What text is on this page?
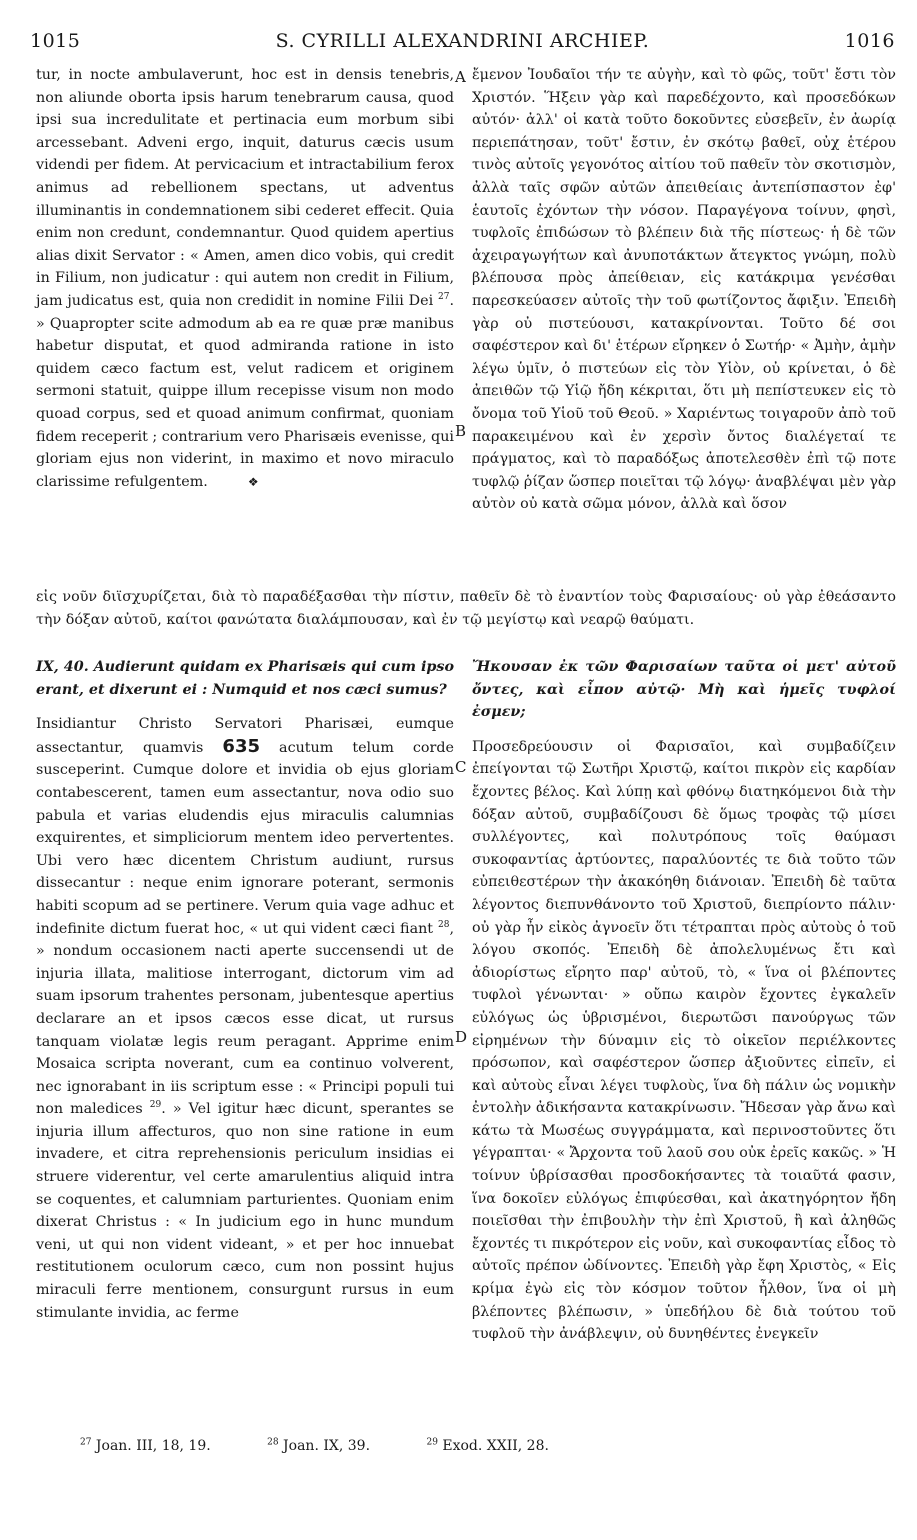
1015	S. CYRILLI ALEXANDRINI ARCHIEP.	1016
A
B
C
D

tur, in nocte ambulaverunt, hoc est in densis tenebris, non aliunde oborta ipsis harum tenebrarum causa, quod ipsi sua incredulitate et pertinacia eum morbum sibi arcessebant. Adveni ergo, inquit, daturus cæcis usum videndi per fidem. At pervicacium et intractabilium ferox animus ad rebellionem spectans, ut adventus illuminantis in condemnationem sibi cederet effecit. Quia enim non credunt, condemnantur. Quod quidem apertius alias dixit Servator : « Amen, amen dico vobis, qui credit in Filium, non judicatur : qui autem non credit in Filium, jam judicatus est, quia non credidit in nomine Filii Dei $^{27}$. » Quapropter scite admodum ab ea re quæ præ manibus habetur disputat, et quod admiranda ratione in isto quidem cæco factum est, velut radicem et originem sermoni statuit, quippe illum recepisse visum non modo quoad corpus, sed et quoad animum confirmat, quoniam fidem receperit ; contrarium vero Pharisæis evenisse, qui gloriam ejus non viderint, in maximo et novo miraculo clarissime refulgentem.	❖

ἔμενον Ἰουδαῖοι τήν τε αὐγὴν, καὶ τὸ φῶς, τοῦτ' ἔστι τὸν Χριστόν. Ἥξειν γὰρ καὶ παρεδέχοντο, καὶ προσεδόκων αὐτόν· ἀλλ' οἱ κατὰ τοῦτο δοκοῦντες εὐσεβεῖν, ἐν ἀωρίᾳ περιεπάτησαν, τοῦτ' ἔστιν, ἐν σκότῳ βαθεῖ, οὐχ ἑτέρου τινὸς αὐτοῖς γεγονότος αἰτίου τοῦ παθεῖν τὸν σκοτισμὸν, ἀλλὰ ταῖς σφῶν αὐτῶν ἀπειθείαις ἀντεπίσπαστον ἐφ' ἑαυτοῖς ἐχόντων τὴν νόσον. Παραγέγονα τοίνυν, φησὶ, τυφλοῖς ἐπιδώσων τὸ βλέπειν διὰ τῆς πίστεως· ἡ δὲ τῶν ἀχειραγωγήτων καὶ ἀνυποτάκτων ἄτεγκτος γνώμη, πολὺ βλέπουσα πρὸς ἀπείθειαν, εἰς κατάκριμα γενέσθαι παρεσκεύασεν αὐτοῖς τὴν τοῦ φωτίζοντος ἄφιξιν. Ἐπειδὴ γὰρ οὐ πιστεύουσι, κατακρίνονται. Τοῦτο δέ σοι σαφέστερον καὶ δι' ἑτέρων εἴρηκεν ὁ Σωτήρ· « Ἀμὴν, ἀμὴν λέγω ὑμῖν, ὁ πιστεύων εἰς τὸν Υἱὸν, οὐ κρίνεται, ὁ δὲ ἀπειθῶν τῷ Υἱῷ ἤδη κέκριται, ὅτι μὴ πεπίστευκεν εἰς τὸ ὄνομα τοῦ Υἱοῦ τοῦ Θεοῦ. » Χαριέντως τοιγαροῦν ἀπὸ τοῦ παρακειμένου καὶ ἐν χερσὶν ὄντος διαλέγεταί τε πράγματος, καὶ τὸ παραδόξως ἀποτελεσθὲν ἐπὶ τῷ ποτε τυφλῷ ῥίζαν ὥσπερ ποιεῖται τῷ λόγῳ· ἀναβλέψαι μὲν γὰρ αὐτὸν οὐ κατὰ σῶμα μόνον, ἀλλὰ καὶ ὅσον

εἰς νοῦν διϊσχυρίζεται, διὰ τὸ παραδέξασθαι τὴν πίστιν, παθεῖν δὲ τὸ ἐναντίον τοὺς Φαρισαίους· οὐ γὰρ ἐθεάσαντο τὴν δόξαν αὐτοῦ, καίτοι φανώτατα διαλάμπουσαν, καὶ ἐν τῷ μεγίστῳ καὶ νεαρῷ θαύματι.

IX, 40. Audierunt quidam ex Pharisæis qui cum ipso erant, et dixerunt ei : Numquid et nos cæci sumus?

Insidiantur Christo Servatori Pharisæi, eumque assectantur, quamvis 635 acutum telum corde susceperint. Cumque dolore et invidia ob ejus gloriam contabescerent, tamen eum assectantur, nova odio suo pabula et varias eludendis ejus miraculis calumnias exquirentes, et simpliciorum mentem ideo pervertentes. Ubi vero hæc dicentem Christum audiunt, rursus dissecantur : neque enim ignorare poterant, sermonis habiti scopum ad se pertinere. Verum quia vage adhuc et indefinite dictum fuerat hoc, « ut qui vident cæci fiant $^{28}$, » nondum occasionem nacti aperte succensendi ut de injuria illata, malitiose interrogant, dictorum vim ad suam ipsorum trahentes personam, jubentesque apertius declarare an et ipsos cæcos esse dicat, ut rursus tanquam violatæ legis reum peragant. Apprime enim Mosaica scripta noverant, cum ea continuo volverent, nec ignorabant in iis scriptum esse : « Principi populi tui non maledices $^{29}$. » Vel igitur hæc dicunt, sperantes se injuria illum affecturos, quo non sine ratione in eum invadere, et citra reprehensionis periculum insidias ei struere viderentur, vel certe amarulentius aliquid intra se coquentes, et calumniam parturientes. Quoniam enim dixerat Christus : « In judicium ego in hunc mundum veni, ut qui non vident videant, » et per hoc innuebat restitutionem oculorum cæco, cum non possint hujus miraculi ferre mentionem, consurgunt rursus in eum stimulante invidia, ac ferme

Ἤκουσαν ἐκ τῶν Φαρισαίων ταῦτα οἱ μετ' αὐτοῦ ὄντες, καὶ εἶπον αὐτῷ· Μὴ καὶ ἡμεῖς τυφλοί ἐσμεν;

Προσεδρεύουσιν οἱ Φαρισαῖοι, καὶ συμβαδίζειν ἐπείγονται τῷ Σωτῆρι Χριστῷ, καίτοι πικρὸν εἰς καρδίαν ἔχοντες βέλος. Καὶ λύπῃ καὶ φθόνῳ διατηκόμενοι διὰ τὴν δόξαν αὐτοῦ, συμβαδίζουσι δὲ ὅμως τροφὰς τῷ μίσει συλλέγοντες, καὶ πολυτρόπους τοῖς θαύμασι συκοφαντίας ἀρτύοντες, παραλύοντές τε διὰ τοῦτο τῶν εὐπειθεστέρων τὴν ἀκακόηθη διάνοιαν. Ἐπειδὴ δὲ ταῦτα λέγοντος διεπυνθάνοντο τοῦ Χριστοῦ, διεπρίοντο πάλιν· οὐ γὰρ ἦν εἰκὸς ἀγνοεῖν ὅτι τέτραπται πρὸς αὐτοὺς ὁ τοῦ λόγου σκοπός. Ἐπειδὴ δὲ ἀπολελυμένως ἔτι καὶ ἀδιορίστως εἴρητο παρ' αὐτοῦ, τὸ, « ἵνα οἱ βλέποντες τυφλοὶ γένωνται· » οὔπω καιρὸν ἔχοντες ἐγκαλεῖν εὐλόγως ὡς ὑβρισμένοι, διερωτῶσι πανούργως τῶν εἰρημένων τὴν δύναμιν εἰς τὸ οἰκεῖον περιέλκοντες πρόσωπον, καὶ σαφέστερον ὥσπερ ἀξιοῦντες εἰπεῖν, εἰ καὶ αὐτοὺς εἶναι λέγει τυφλοὺς, ἵνα δὴ πάλιν ὡς νομικὴν ἐντολὴν ἀδικήσαντα κατακρίνωσιν. Ἤδεσαν γὰρ ἄνω καὶ κάτω τὰ Μωσέως συγγράμματα, καὶ περινοστοῦντες ὅτι γέγραπται· « Ἄρχοντα τοῦ λαοῦ σου οὐκ ἐρεῖς κακῶς. » Ἡ τοίνυν ὑβρίσασθαι προσδοκήσαντες τὰ τοιαῦτά φασιν, ἵνα δοκοῖεν εὐλόγως ἐπιφύεσθαι, καὶ ἀκατηγόρητον ἤδη ποιεῖσθαι τὴν ἐπιβουλὴν τὴν ἐπὶ Χριστοῦ, ἢ καὶ ἀληθῶς ἔχοντές τι πικρότερον εἰς νοῦν, καὶ συκοφαντίας εἶδος τὸ αὐτοῖς πρέπον ὠδίνοντες. Ἐπειδὴ γὰρ ἔφη Χριστὸς, « Εἰς κρίμα ἐγὼ εἰς τὸν κόσμον τοῦτον ἦλθον, ἵνα οἱ μὴ βλέποντες βλέπωσιν, » ὑπεδήλου δὲ διὰ τούτου τοῦ τυφλοῦ τὴν ἀνάβλεψιν, οὐ δυνηθέντες ἐνεγκεῖν

$^{27}$ Joan. III, 18, 19.	$^{28}$ Joan. IX, 39.	$^{29}$ Exod. XXII, 28.
